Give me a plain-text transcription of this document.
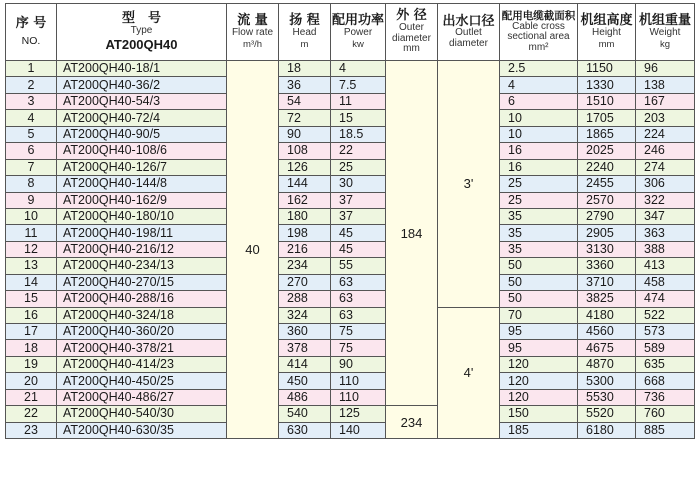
序 号
NO.	型　号
Type
AT200QH40	流 量
Flow rate
m³/h	扬 程
Head
m	配用功率
Power
kw	外 径
Outer
diameter
mm	出水口径
Outlet
diameter	配用电缆截面积
Cable cross
sectional area
mm²	机组高度
Height
mm	机组重量
Weight
kg

1	AT200QH40-18/1	40	18	4	184	3'	2.5	1150	96
2	AT200QH40-36/2		36	7.5			4	1330	138
3	AT200QH40-54/3		54	11			6	1510	167
4	AT200QH40-72/4		72	15			10	1705	203
5	AT200QH40-90/5		90	18.5			10	1865	224
6	AT200QH40-108/6		108	22			16	2025	246
7	AT200QH40-126/7		126	25			16	2240	274
8	AT200QH40-144/8		144	30			25	2455	306
9	AT200QH40-162/9		162	37			25	2570	322
10	AT200QH40-180/10		180	37			35	2790	347
11	AT200QH40-198/11		198	45			35	2905	363
12	AT200QH40-216/12		216	45			35	3130	388
13	AT200QH40-234/13		234	55			50	3360	413
14	AT200QH40-270/15		270	63			50	3710	458
15	AT200QH40-288/16		288	63			50	3825	474
16	AT200QH40-324/18		324	63		4'	70	4180	522
17	AT200QH40-360/20		360	75			95	4560	573
18	AT200QH40-378/21		378	75			95	4675	589
19	AT200QH40-414/23		414	90			120	4870	635
20	AT200QH40-450/25		450	110			120	5300	668
21	AT200QH40-486/27		486	110			120	5530	736
22	AT200QH40-540/30		540	125	234		150	5520	760
23	AT200QH40-630/35		630	140			185	6180	885
